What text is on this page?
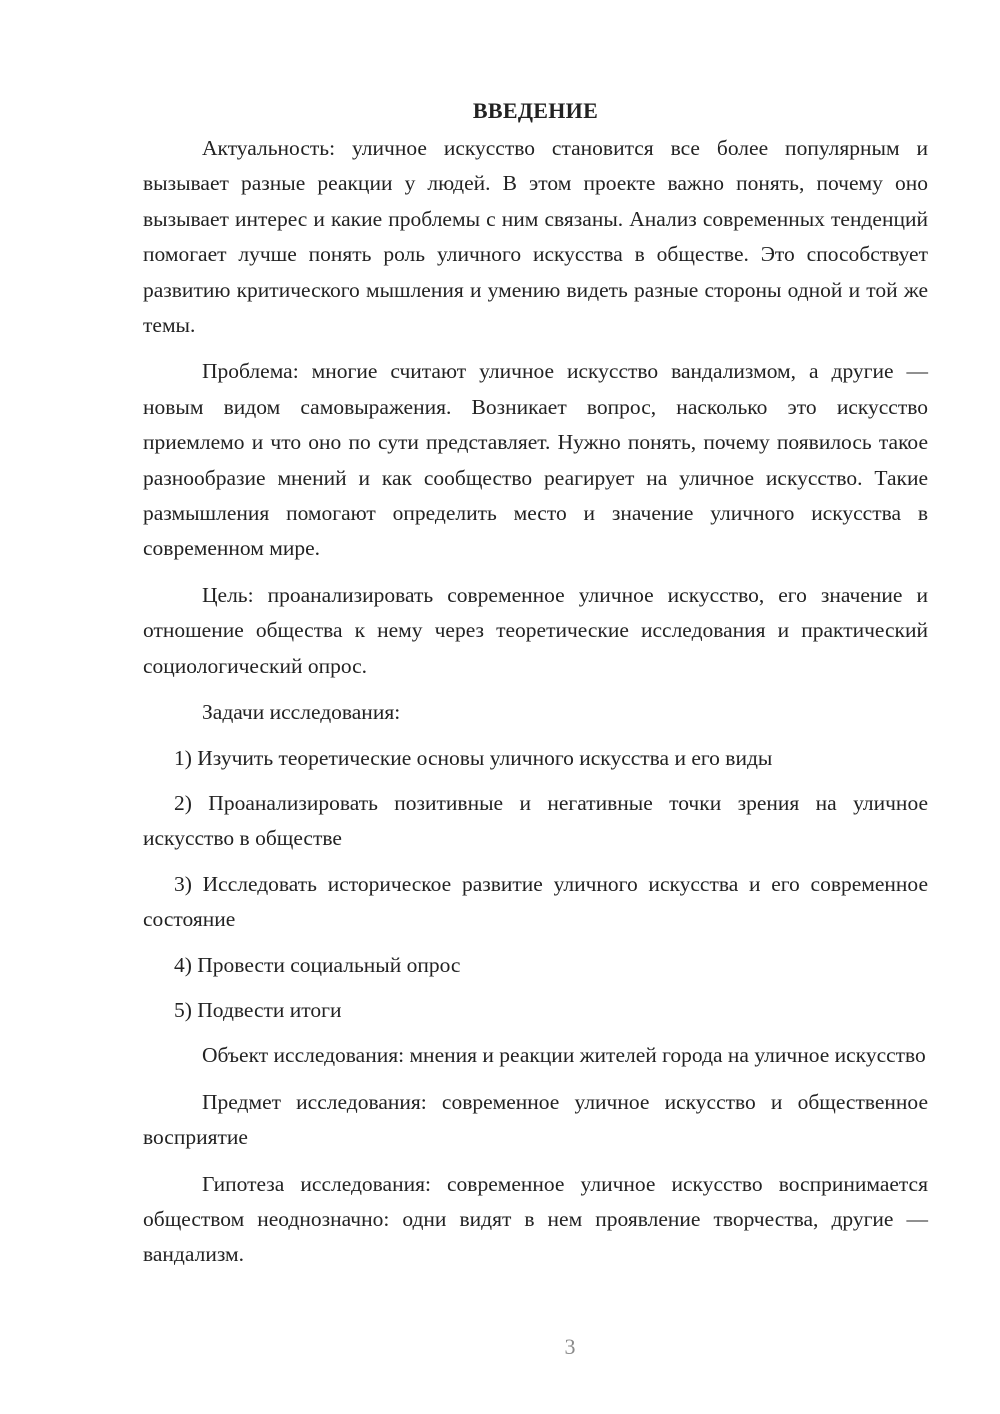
ВВЕДЕНИЕ

Актуальность: уличное искусство становится все более популярным и вызывает разные реакции у людей. В этом проекте важно понять, почему оно вызывает интерес и какие проблемы с ним связаны. Анализ современных тенденций помогает лучше понять роль уличного искусства в обществе. Это способствует развитию критического мышления и умению видеть разные стороны одной и той же темы.

Проблема: многие считают уличное искусство вандализмом, а другие — новым видом самовыражения. Возникает вопрос, насколько это искусство приемлемо и что оно по сути представляет. Нужно понять, почему появилось такое разнообразие мнений и как сообщество реагирует на уличное искусство. Такие размышления помогают определить место и значение уличного искусства в современном мире.

Цель: проанализировать современное уличное искусство, его значение и отношение общества к нему через теоретические исследования и практический социологический опрос.

Задачи исследования:

1) Изучить теоретические основы уличного искусства и его виды

2) Проанализировать позитивные и негативные точки зрения на уличное искусство в обществе

3) Исследовать историческое развитие уличного искусства и его современное состояние

4) Провести социальный опрос

5) Подвести итоги

Объект исследования: мнения и реакции жителей города на уличное искусство

Предмет исследования: современное уличное искусство и общественное восприятие

Гипотеза исследования: современное уличное искусство воспринимается обществом неоднозначно: одни видят в нем проявление творчества, другие — вандализм.

3
